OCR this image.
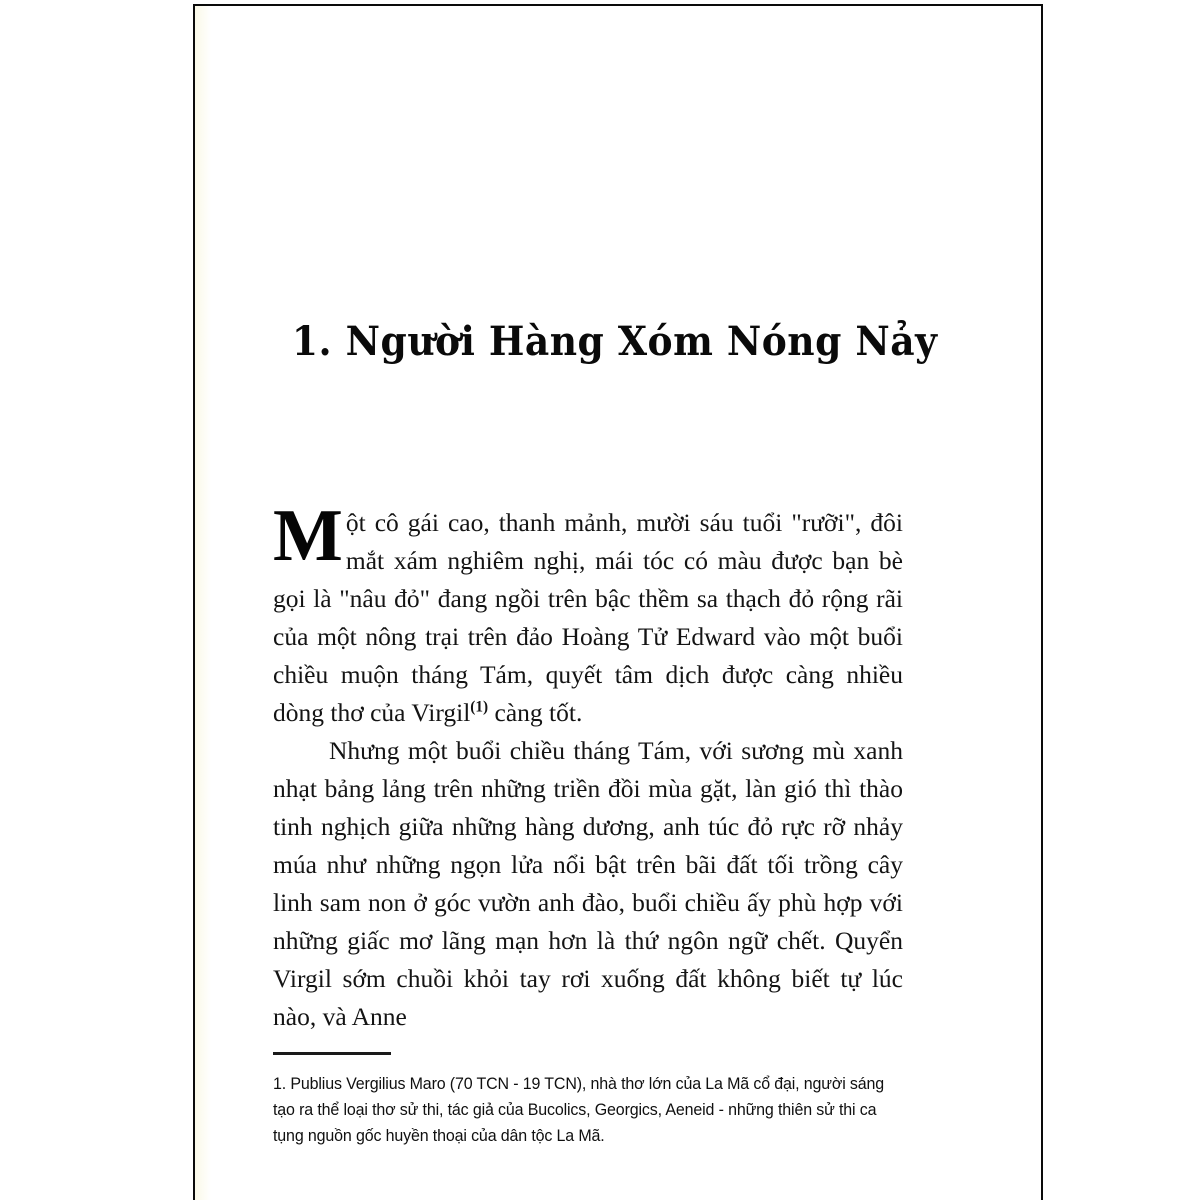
1. Người Hàng Xóm Nóng Nảy

Một cô gái cao, thanh mảnh, mười sáu tuổi "rưỡi", đôi mắt xám nghiêm nghị, mái tóc có màu được bạn bè gọi là "nâu đỏ" đang ngồi trên bậc thềm sa thạch đỏ rộng rãi của một nông trại trên đảo Hoàng Tử Edward vào một buổi chiều muộn tháng Tám, quyết tâm dịch được càng nhiều dòng thơ của Virgil$^{(1)}$ càng tốt.

Nhưng một buổi chiều tháng Tám, với sương mù xanh nhạt bảng lảng trên những triền đồi mùa gặt, làn gió thì thào tinh nghịch giữa những hàng dương, anh túc đỏ rực rỡ nhảy múa như những ngọn lửa nổi bật trên bãi đất tối trồng cây linh sam non ở góc vườn anh đào, buổi chiều ấy phù hợp với những giấc mơ lãng mạn hơn là thứ ngôn ngữ chết. Quyển Virgil sớm chuồi khỏi tay rơi xuống đất không biết tự lúc nào, và Anne

1. Publius Vergilius Maro (70 TCN - 19 TCN), nhà thơ lớn của La Mã cổ đại, người sáng tạo ra thể loại thơ sử thi, tác giả của Bucolics, Georgics, Aeneid - những thiên sử thi ca tụng nguồn gốc huyền thoại của dân tộc La Mã.
